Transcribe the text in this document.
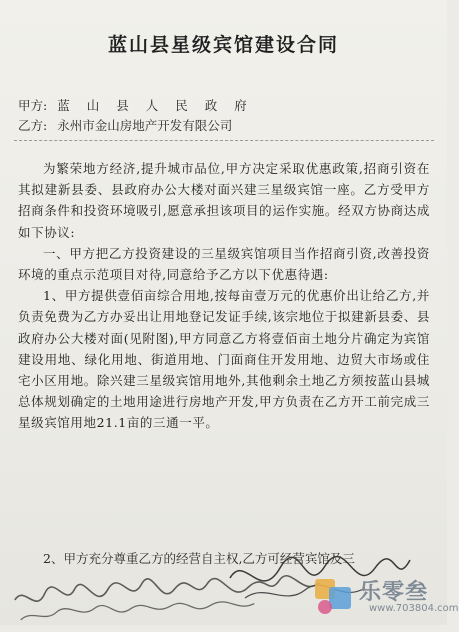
蓝山县星级宾馆建设合同
甲方: 蓝山县人民政府
乙方: 永州市金山房地产开发有限公司

为繁荣地方经济,提升城市品位,甲方决定采取优惠政策,招商引资在其拟建新县委、县政府办公大楼对面兴建三星级宾馆一座。乙方受甲方招商条件和投资环境吸引,愿意承担该项目的运作实施。经双方协商达成如下协议:

一、甲方把乙方投资建设的三星级宾馆项目当作招商引资,改善投资环境的重点示范项目对待,同意给予乙方以下优惠待遇:

1、甲方提供壹佰亩综合用地,按每亩壹万元的优惠价出让给乙方,并负责免费为乙方办妥出让用地登记发证手续,该宗地位于拟建新县委、县政府办公大楼对面(见附图),甲方同意乙方将壹佰亩土地分片确定为宾馆建设用地、绿化用地、街道用地、门面商住开发用地、边贸大市场或住宅小区用地。除兴建三星级宾馆用地外,其他剩余土地乙方须按蓝山县城总体规划确定的土地用途进行房地产开发,甲方负责在乙方开工前完成三星级宾馆用地21.1亩的三通一平。

2、甲方充分尊重乙方的经营自主权,乙方可经营宾馆及三
乐零叁
www.703804.com
